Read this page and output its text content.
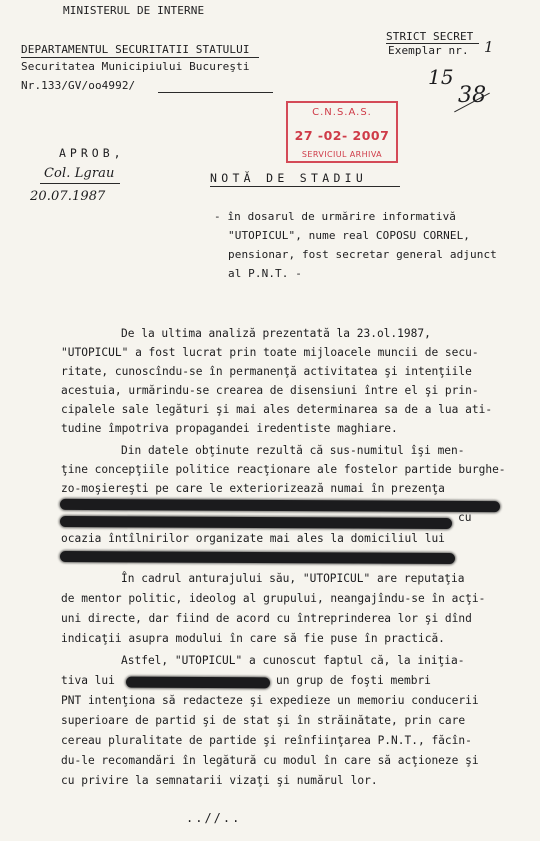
MINISTERUL DE INTERNE
DEPARTAMENTUL SECURITATII STATULUI
Securitatea Municipiului Bucureşti
Nr.133/GV/oo4992/
STRICT SECRET
Exemplar nr. 1
15
38
C.N.S.A.S.
27 -02- 2007
SERVICIUL ARHIVA
APROB,
Col. Lgrau
20.07.1987
NOTĂ DE STADIU
- în dosarul de urmărire informativă
"UTOPICUL", nume real COPOSU CORNEL,
pensionar, fost secretar general adjunct
al P.N.T. -
De la ultima analiză prezentată la 23.ol.1987,
"UTOPICUL" a fost lucrat prin toate mijloacele muncii de secu-
ritate, cunoscîndu-se în permanenţă activitatea şi intenţiile
acestuia, urmărindu-se crearea de disensiuni între el şi prin-
cipalele sale legături şi mai ales determinarea sa de a lua ati-
tudine împotriva propagandei iredentiste maghiare.
Din datele obţinute rezultă că sus-numitul îşi men-
ţine concepţiile politice reacţionare ale fostelor partide burghe-
zo-moşiereşti pe care le exteriorizează numai în prezenţa
cu
ocazia întîlnirilor organizate mai ales la domiciliul lui
În cadrul anturajului său, "UTOPICUL" are reputaţia
de mentor politic, ideolog al grupului, neangajîndu-se în acţi-
uni directe, dar fiind de acord cu întreprinderea lor şi dînd
indicaţii asupra modului în care să fie puse în practică.
Astfel, "UTOPICUL" a cunoscut faptul că, la iniţia-
tiva lui	un grup de foşti membri
PNT intenţiona să redacteze şi expedieze un memoriu conducerii
superioare de partid şi de stat şi în străinătate, prin care
cereau pluralitate de partide şi reînfiinţarea P.N.T., făcîn-
du-le recomandări în legătură cu modul în care să acţioneze şi
cu privire la semnatarii vizaţi şi numărul lor.
..//..
